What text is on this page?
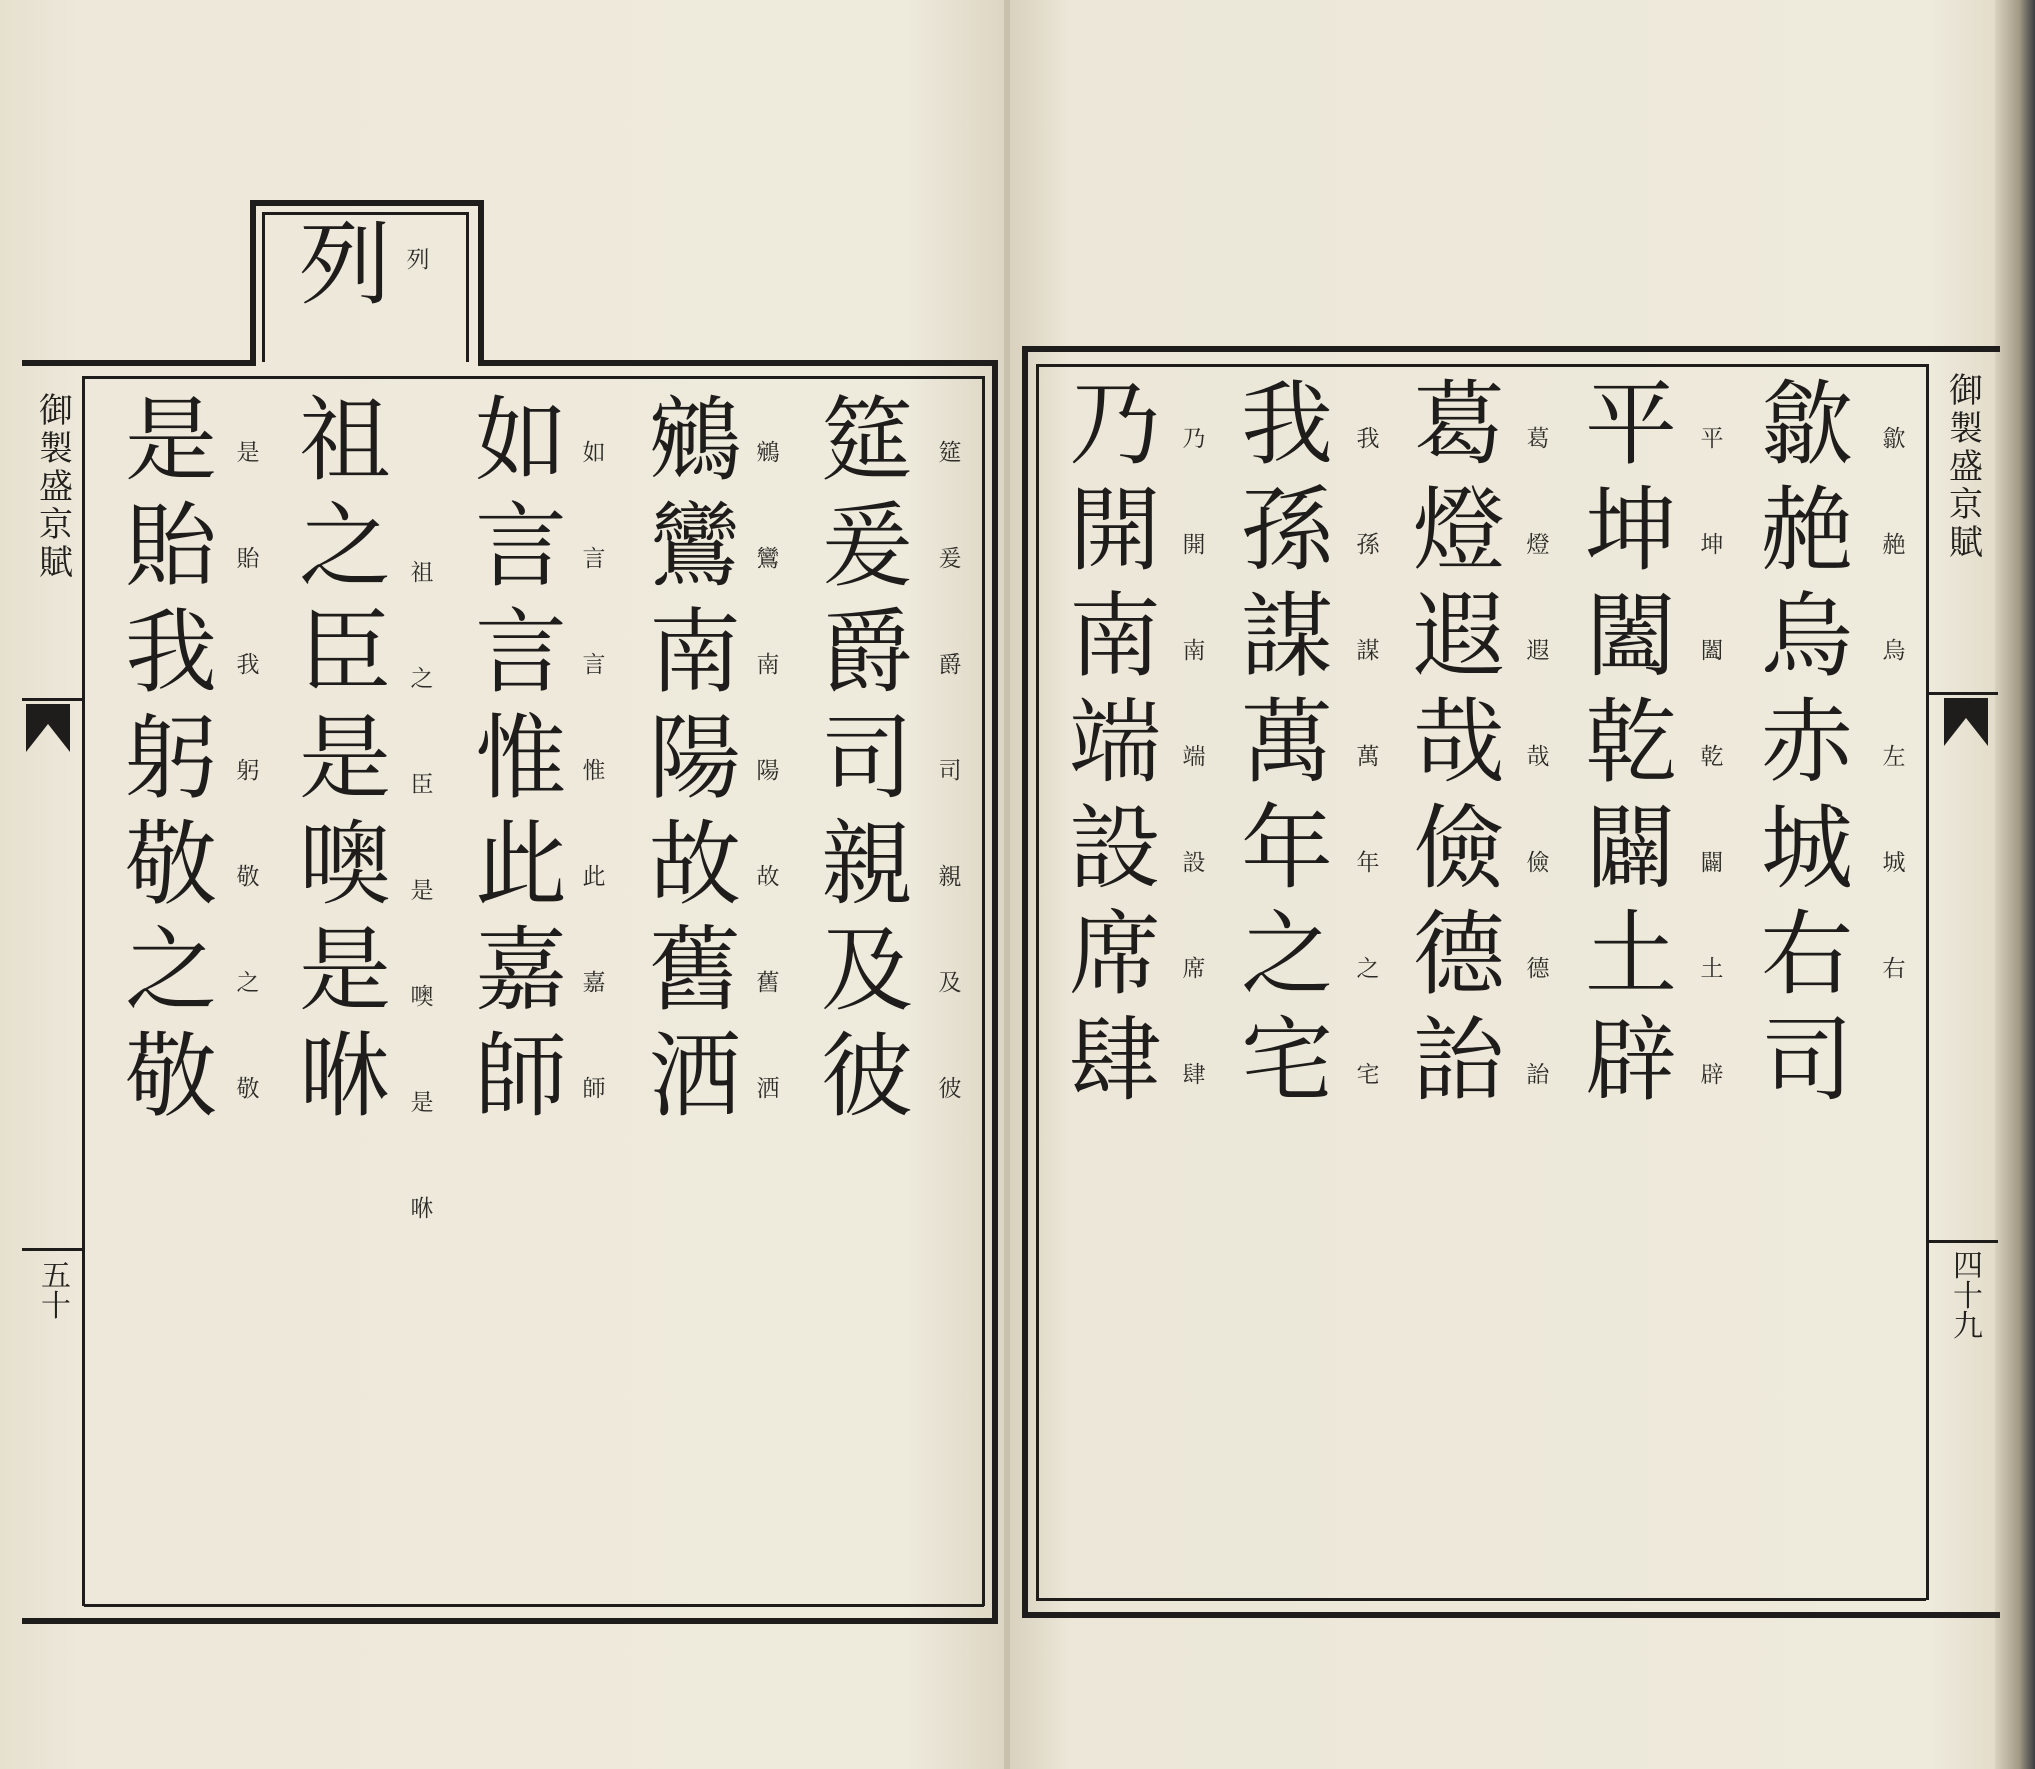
御
製
盛
京
賦
五
十
御
製
盛
京
賦
四
十
九
列
筵
爰
爵
司
親
及
彼
筵
爰
爵
司
親
及
彼
鵷
鸞
南
陽
故
舊
洒
鵷
鸞
南
陽
故
舊
洒
如
言
言
惟
此
嘉
師
如
言
言
惟
此
嘉
師
列
祖
之
臣
是
噢
是
咻
祖
之
臣
是
噢
是
咻
是
貽
我
躬
敬
之
敬
是
貽
我
躬
敬
之
敬
歙
赩
烏
赤
城
右
司
歙
赩
烏
左
城
右
平
坤
闔
乾
闢
土
辟
平
坤
闔
乾
闢
土
辟
葛
燈
遐
哉
儉
德
詒
葛
燈
遐
哉
儉
德
詒
我
孫
謀
萬
年
之
宅
我
孫
謀
萬
年
之
宅
乃
開
南
端
設
席
肆
乃
開
南
端
設
席
肆
